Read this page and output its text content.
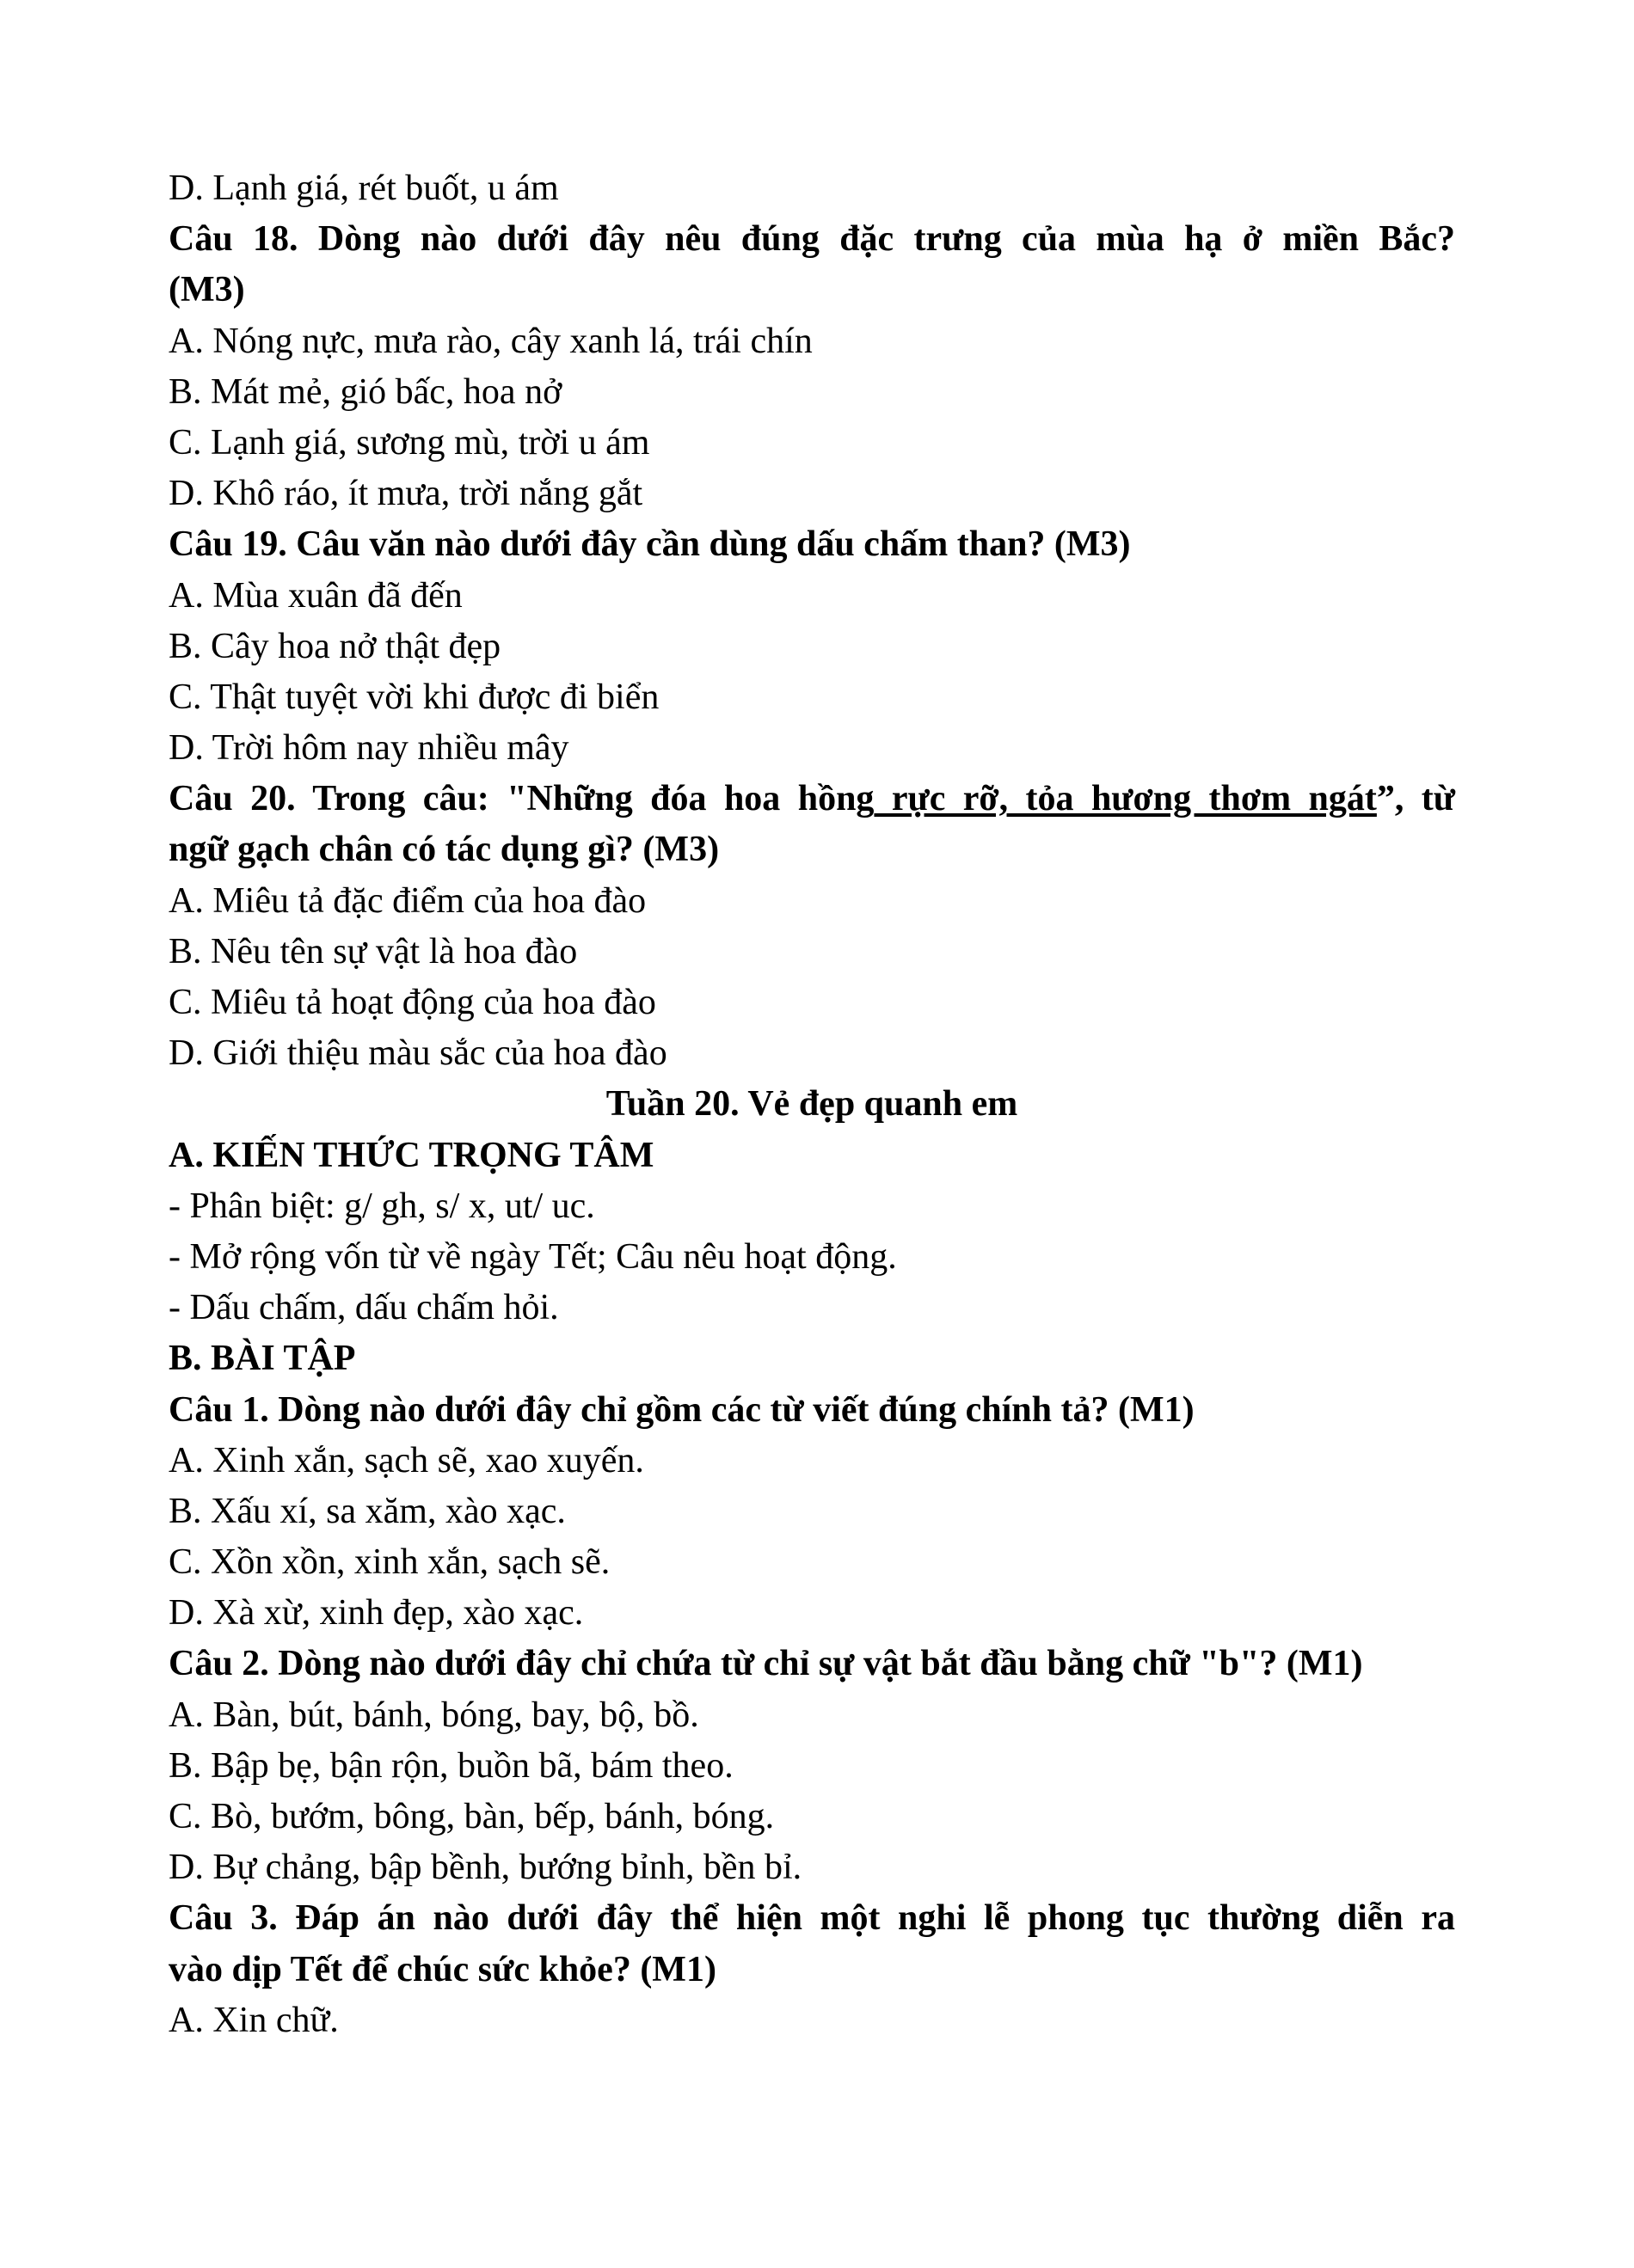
D. Lạnh giá, rét buốt, u ám

Câu 18. Dòng nào dưới đây nêu đúng đặc trưng của mùa hạ ở miền Bắc?

(M3)

A. Nóng nực, mưa rào, cây xanh lá, trái chín

B. Mát mẻ, gió bấc, hoa nở

C. Lạnh giá, sương mù, trời u ám

D. Khô ráo, ít mưa, trời nắng gắt

Câu 19. Câu văn nào dưới đây cần dùng dấu chấm than? (M3)

A. Mùa xuân đã đến

B. Cây hoa nở thật đẹp

C. Thật tuyệt vời khi được đi biển

D. Trời hôm nay nhiều mây

Câu 20. Trong câu: "Những đóa hoa hồng rực rỡ, tỏa hương thơm ngát”, từ

ngữ gạch chân có tác dụng gì? (M3)

A. Miêu tả đặc điểm của hoa đào

B. Nêu tên sự vật là hoa đào

C. Miêu tả hoạt động của hoa đào

D. Giới thiệu màu sắc của hoa đào

Tuần 20. Vẻ đẹp quanh em

A. KIẾN THỨC TRỌNG TÂM

- Phân biệt: g/ gh, s/ x, ut/ uc.

- Mở rộng vốn từ về ngày Tết; Câu nêu hoạt động.

- Dấu chấm, dấu chấm hỏi.

B. BÀI TẬP

Câu 1. Dòng nào dưới đây chỉ gồm các từ viết đúng chính tả? (M1)

A. Xinh xắn, sạch sẽ, xao xuyến.

B. Xấu xí, sa xăm, xào xạc.

C. Xồn xồn, xinh xắn, sạch sẽ.

D. Xà xừ, xinh đẹp, xào xạc.

Câu 2. Dòng nào dưới đây chỉ chứa từ chỉ sự vật bắt đầu bằng chữ "b"? (M1)

A. Bàn, bút, bánh, bóng, bay, bộ, bồ.

B. Bập bẹ, bận rộn, buồn bã, bám theo.

C. Bò, bướm, bông, bàn, bếp, bánh, bóng.

D. Bự chảng, bập bềnh, bướng bỉnh, bền bỉ.

Câu 3. Đáp án nào dưới đây thể hiện một nghi lễ phong tục thường diễn ra

vào dịp Tết để chúc sức khỏe? (M1)

A. Xin chữ.
